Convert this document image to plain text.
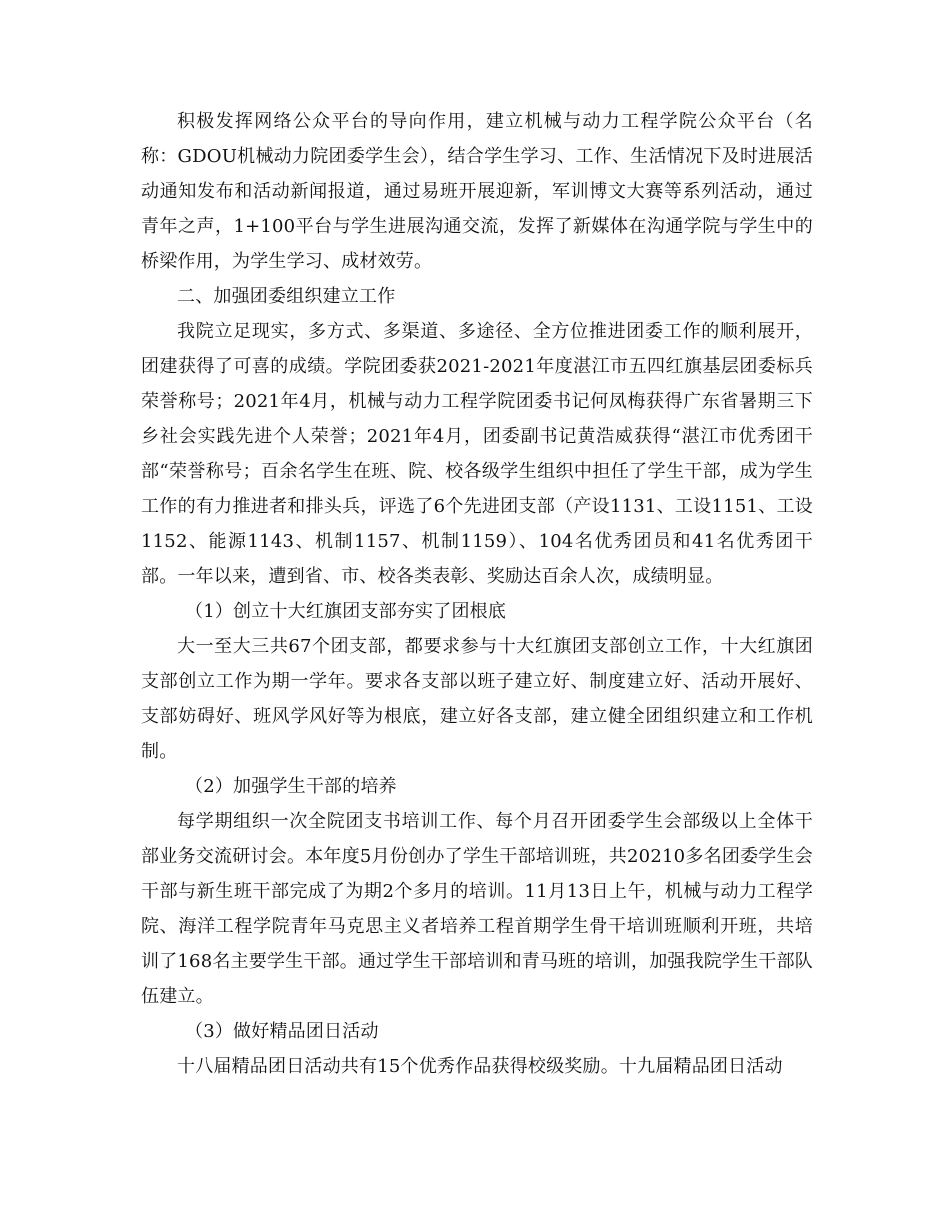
积极发挥网络公众平台的导向作用，建立机械与动力工程学院公众平台（名称：GDOU机械动力院团委学生会），结合学生学习、工作、生活情况下及时进展活动通知发布和活动新闻报道，通过易班开展迎新，军训博文大赛等系列活动，通过青年之声，1+100平台与学生进展沟通交流，发挥了新媒体在沟通学院与学生中的桥梁作用，为学生学习、成材效劳。

二、加强团委组织建立工作

我院立足现实，多方式、多渠道、多途径、全方位推进团委工作的顺利展开，团建获得了可喜的成绩。学院团委获2021-2021年度湛江市五四红旗基层团委标兵荣誉称号；2021年4月，机械与动力工程学院团委书记何凤梅获得广东省暑期三下乡社会实践先进个人荣誉；2021年4月，团委副书记黄浩威获得“湛江市优秀团干部“荣誉称号；百余名学生在班、院、校各级学生组织中担任了学生干部，成为学生工作的有力推进者和排头兵，评选了6个先进团支部（产设1131、工设1151、工设1152、能源1143、机制1157、机制1159）、104名优秀团员和41名优秀团干部。一年以来，遭到省、市、校各类表彰、奖励达百余人次，成绩明显。

（1）创立十大红旗团支部夯实了团根底

大一至大三共67个团支部，都要求参与十大红旗团支部创立工作，十大红旗团支部创立工作为期一学年。要求各支部以班子建立好、制度建立好、活动开展好、支部妨碍好、班风学风好等为根底，建立好各支部，建立健全团组织建立和工作机制。

（2）加强学生干部的培养

每学期组织一次全院团支书培训工作、每个月召开团委学生会部级以上全体干部业务交流研讨会。本年度5月份创办了学生干部培训班，共20210多名团委学生会干部与新生班干部完成了为期2个多月的培训。11月13日上午，机械与动力工程学院、海洋工程学院青年马克思主义者培养工程首期学生骨干培训班顺利开班，共培训了168名主要学生干部。通过学生干部培训和青马班的培训，加强我院学生干部队伍建立。

（3）做好精品团日活动

十八届精品团日活动共有15个优秀作品获得校级奖励。十九届精品团日活动
